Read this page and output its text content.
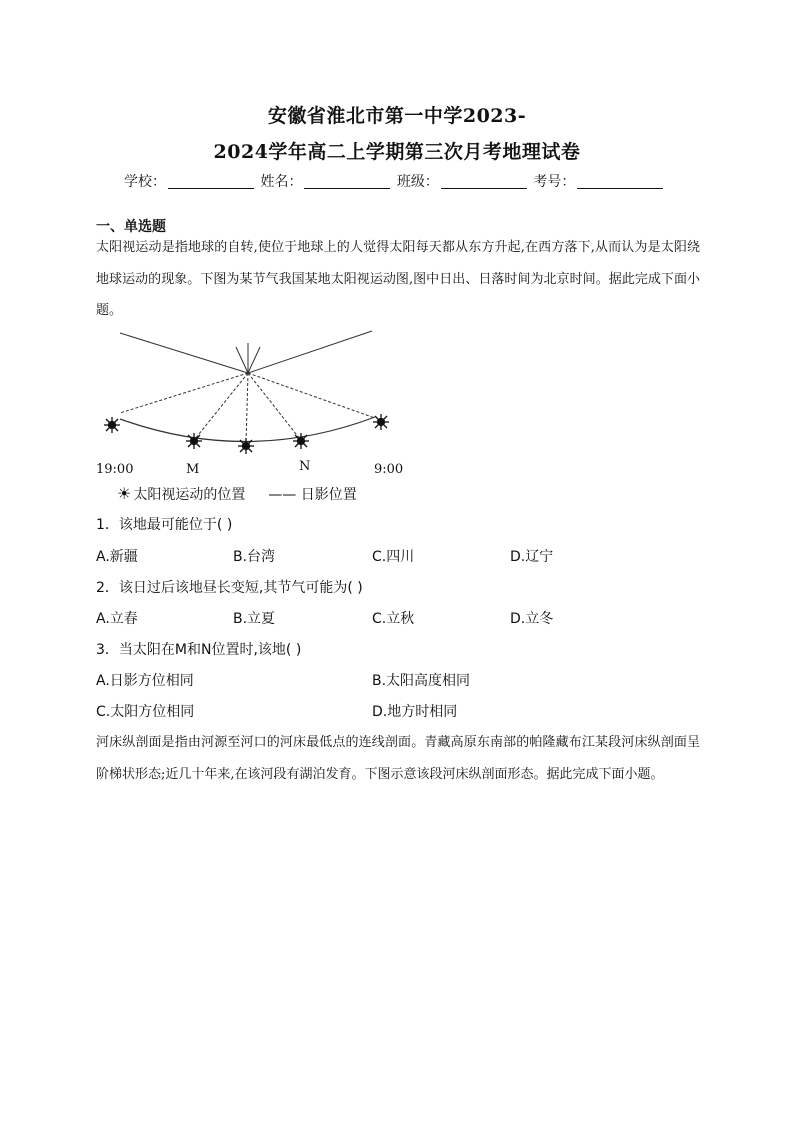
安徽省淮北市第一中学2023-
2024学年高二上学期第三次月考地理试卷
学校：	姓名：	班级：	考号：
一、单选题
太阳视运动是指地球的自转,使位于地球上的人觉得太阳每天都从东方升起,在西方落下,从而认为是太阳绕地球运动的现象。下图为某节气我国某地太阳视运动图,图中日出、日落时间为北京时间。据此完成下面小题。
19:00	M	N	9:00
☀ 太阳视运动的位置 —— 日影位置
1．该地最可能位于( )
A.新疆	B.台湾	C.四川	D.辽宁
2．该日过后该地昼长变短,其节气可能为( )
A.立春	B.立夏	C.立秋	D.立冬
3．当太阳在M和N位置时,该地( )
A.日影方位相同	B.太阳高度相同
C.太阳方位相同	D.地方时相同
河床纵剖面是指由河源至河口的河床最低点的连线剖面。青藏高原东南部的帕隆藏布江某段河床纵剖面呈阶梯状形态;近几十年来,在该河段有湖泊发育。下图示意该段河床纵剖面形态。据此完成下面小题。
